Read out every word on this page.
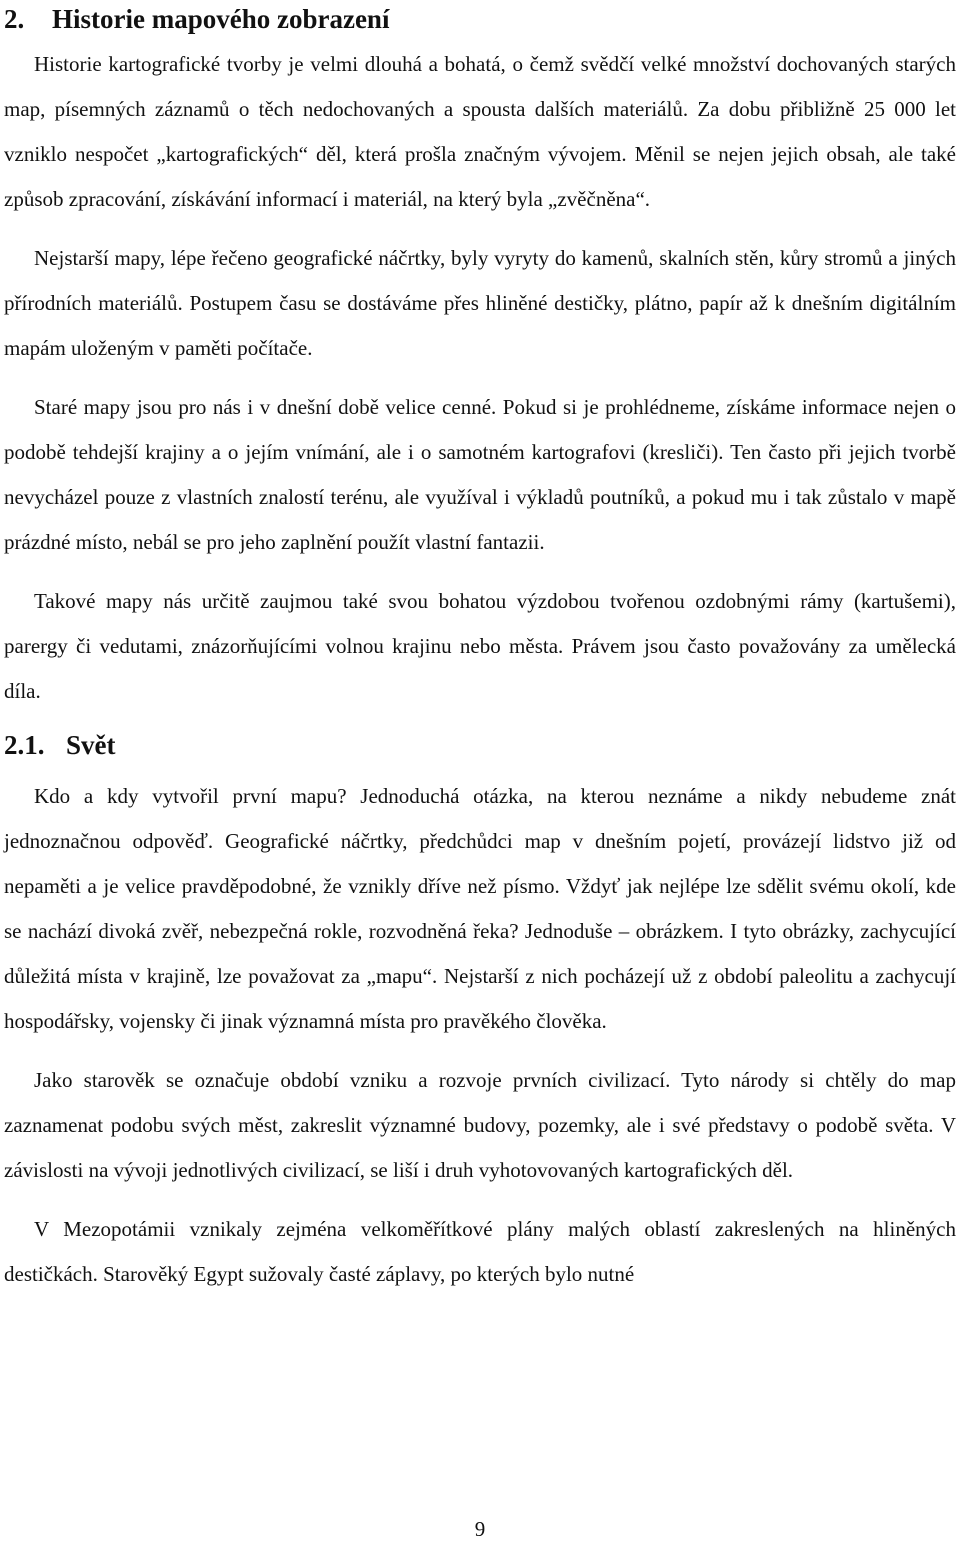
2. Historie mapového zobrazení

Historie kartografické tvorby je velmi dlouhá a bohatá, o čemž svědčí velké množství dochovaných starých map, písemných záznamů o těch nedochovaných a spousta dalších materiálů. Za dobu přibližně 25 000 let vzniklo nespočet „kartografických“ děl, která prošla značným vývojem. Měnil se nejen jejich obsah, ale také způsob zpracování, získávání informací i materiál, na který byla „zvěčněna“.

Nejstarší mapy, lépe řečeno geografické náčrtky, byly vyryty do kamenů, skalních stěn, kůry stromů a jiných přírodních materiálů. Postupem času se dostáváme přes hliněné destičky, plátno, papír až k dnešním digitálním mapám uloženým v paměti počítače.

Staré mapy jsou pro nás i v dnešní době velice cenné. Pokud si je prohlédneme, získáme informace nejen o podobě tehdejší krajiny a o jejím vnímání, ale i o samotném kartografovi (kresliči). Ten často při jejich tvorbě nevycházel pouze z vlastních znalostí terénu, ale využíval i výkladů poutníků, a pokud mu i tak zůstalo v mapě prázdné místo, nebál se pro jeho zaplnění použít vlastní fantazii.

Takové mapy nás určitě zaujmou také svou bohatou výzdobou tvořenou ozdobnými rámy (kartušemi), parergy či vedutami, znázorňujícími volnou krajinu nebo města. Právem jsou často považovány za umělecká díla.

2.1. Svět

Kdo a kdy vytvořil první mapu? Jednoduchá otázka, na kterou neznáme a nikdy nebudeme znát jednoznačnou odpověď. Geografické náčrtky, předchůdci map v dnešním pojetí, provázejí lidstvo již od nepaměti a je velice pravděpodobné, že vznikly dříve než písmo. Vždyť jak nejlépe lze sdělit svému okolí, kde se nachází divoká zvěř, nebezpečná rokle, rozvodněná řeka? Jednoduše – obrázkem. I tyto obrázky, zachycující důležitá místa v krajině, lze považovat za „mapu“. Nejstarší z nich pocházejí už z období paleolitu a zachycují hospodářsky, vojensky či jinak významná místa pro pravěkého člověka.

Jako starověk se označuje období vzniku a rozvoje prvních civilizací. Tyto národy si chtěly do map zaznamenat podobu svých měst, zakreslit významné budovy, pozemky, ale i své představy o podobě světa. V závislosti na vývoji jednotlivých civilizací, se liší i druh vyhotovovaných kartografických děl.

V Mezopotámii vznikaly zejména velkoměřítkové plány malých oblastí zakreslených na hliněných destičkách. Starověký Egypt sužovaly časté záplavy, po kterých bylo nutné

9
